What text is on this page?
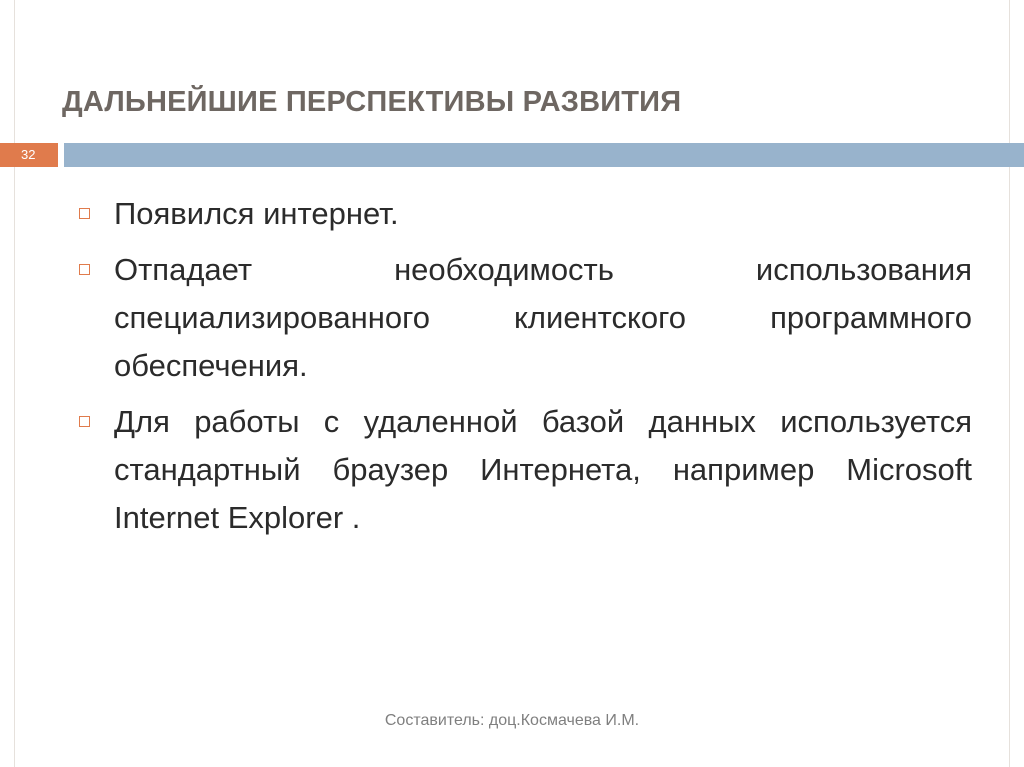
ДАЛЬНЕЙШИЕ ПЕРСПЕКТИВЫ РАЗВИТИЯ
32
Появился интернет.
Отпадает необходимость использования специализированного клиентского программного обеспечения.
Для работы с удаленной базой данных используется стандартный браузер Интернета, например Microsoft Internet Explorer .
Составитель: доц.Космачева И.М.
